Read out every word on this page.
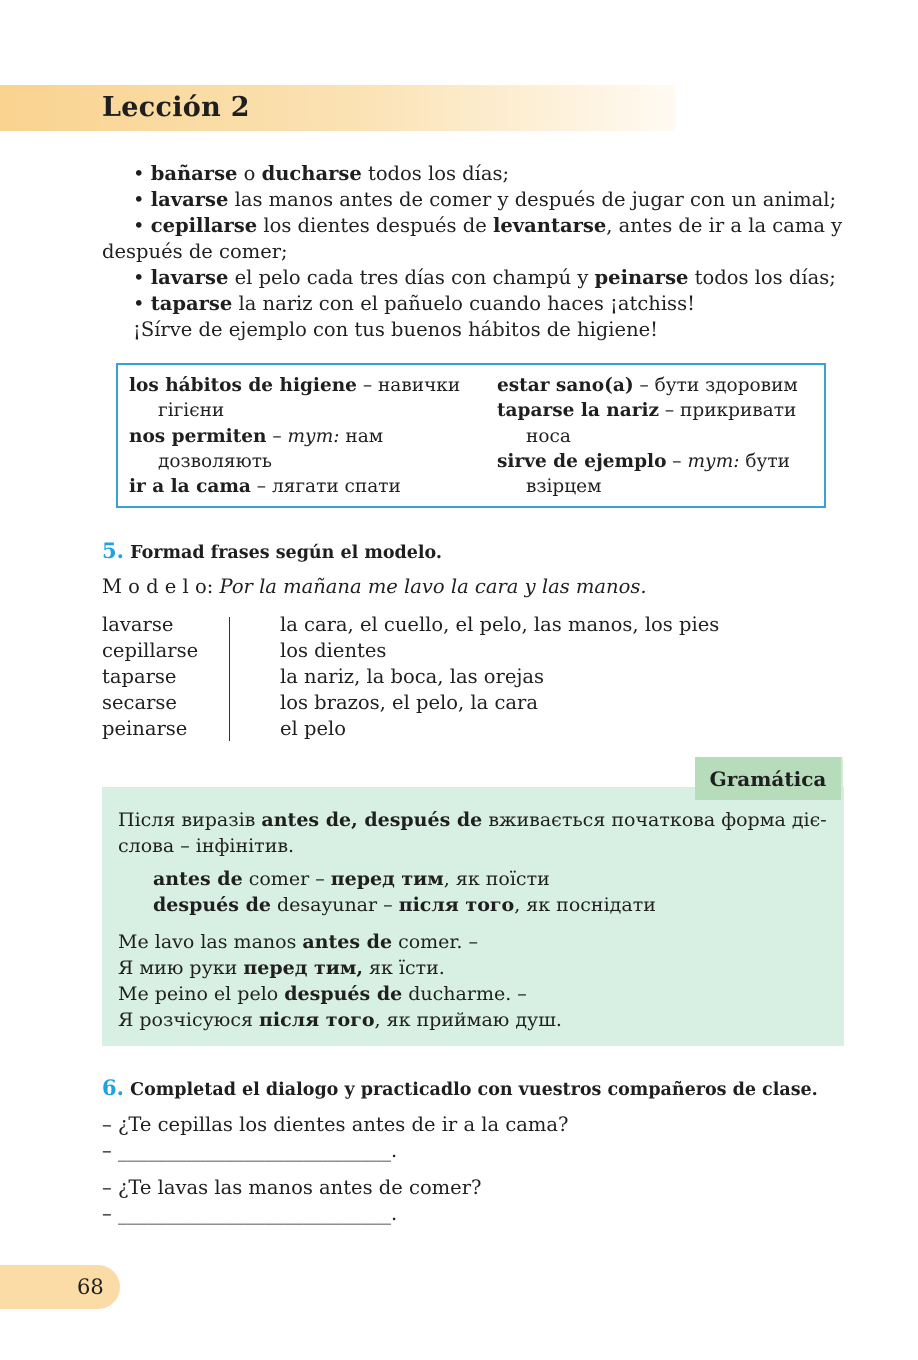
Lección 2
• bañarse o ducharse todos los días;
• lavarse las manos antes de comer y después de jugar con un animal;
• cepillarse los dientes después de levantarse, antes de ir a la cama y
después de comer;
• lavarse el pelo cada tres días con champú y peinarse todos los días;
• taparse la nariz con el pañuelo cuando haces ¡atchiss!
¡Sírve de ejemplo con tus buenos hábitos de higiene!
los hábitos de higiene – навички
гігієни
nos permiten – тут: нам
дозволяють
ir a la cama – лягати спати
estar sano(a) – бути здоровим
taparse la nariz – прикривати
носа
sirve de ejemplo – тут: бути
взірцем
5. Formad frases según el modelo.
M o d e l o: Por la mañana me lavo la cara y las manos.
lavarse
cepillarse
taparse
secarse
peinarse
la cara, el cuello, el pelo, las manos, los pies
los dientes
la nariz, la boca, las orejas
los brazos, el pelo, la cara
el pelo
Після виразів antes de, después de вживається початкова форма діє-
слова – інфінітив.
antes de comer – перед тим, як поїсти
después de desayunar – після того, як поснідати
Me lavo las manos antes de comer. –
Я мию руки перед тим, як їсти.
Me peino el pelo después de ducharme. –
Я розчісуюся після того, як приймаю душ.
Gramática
6. Completad el dialogo y practicadlo con vuestros compañeros de clase.
– ¿Te cepillas los dientes antes de ir a la cama?
– ____________________________.
– ¿Te lavas las manos antes de comer?
– ____________________________.
68
